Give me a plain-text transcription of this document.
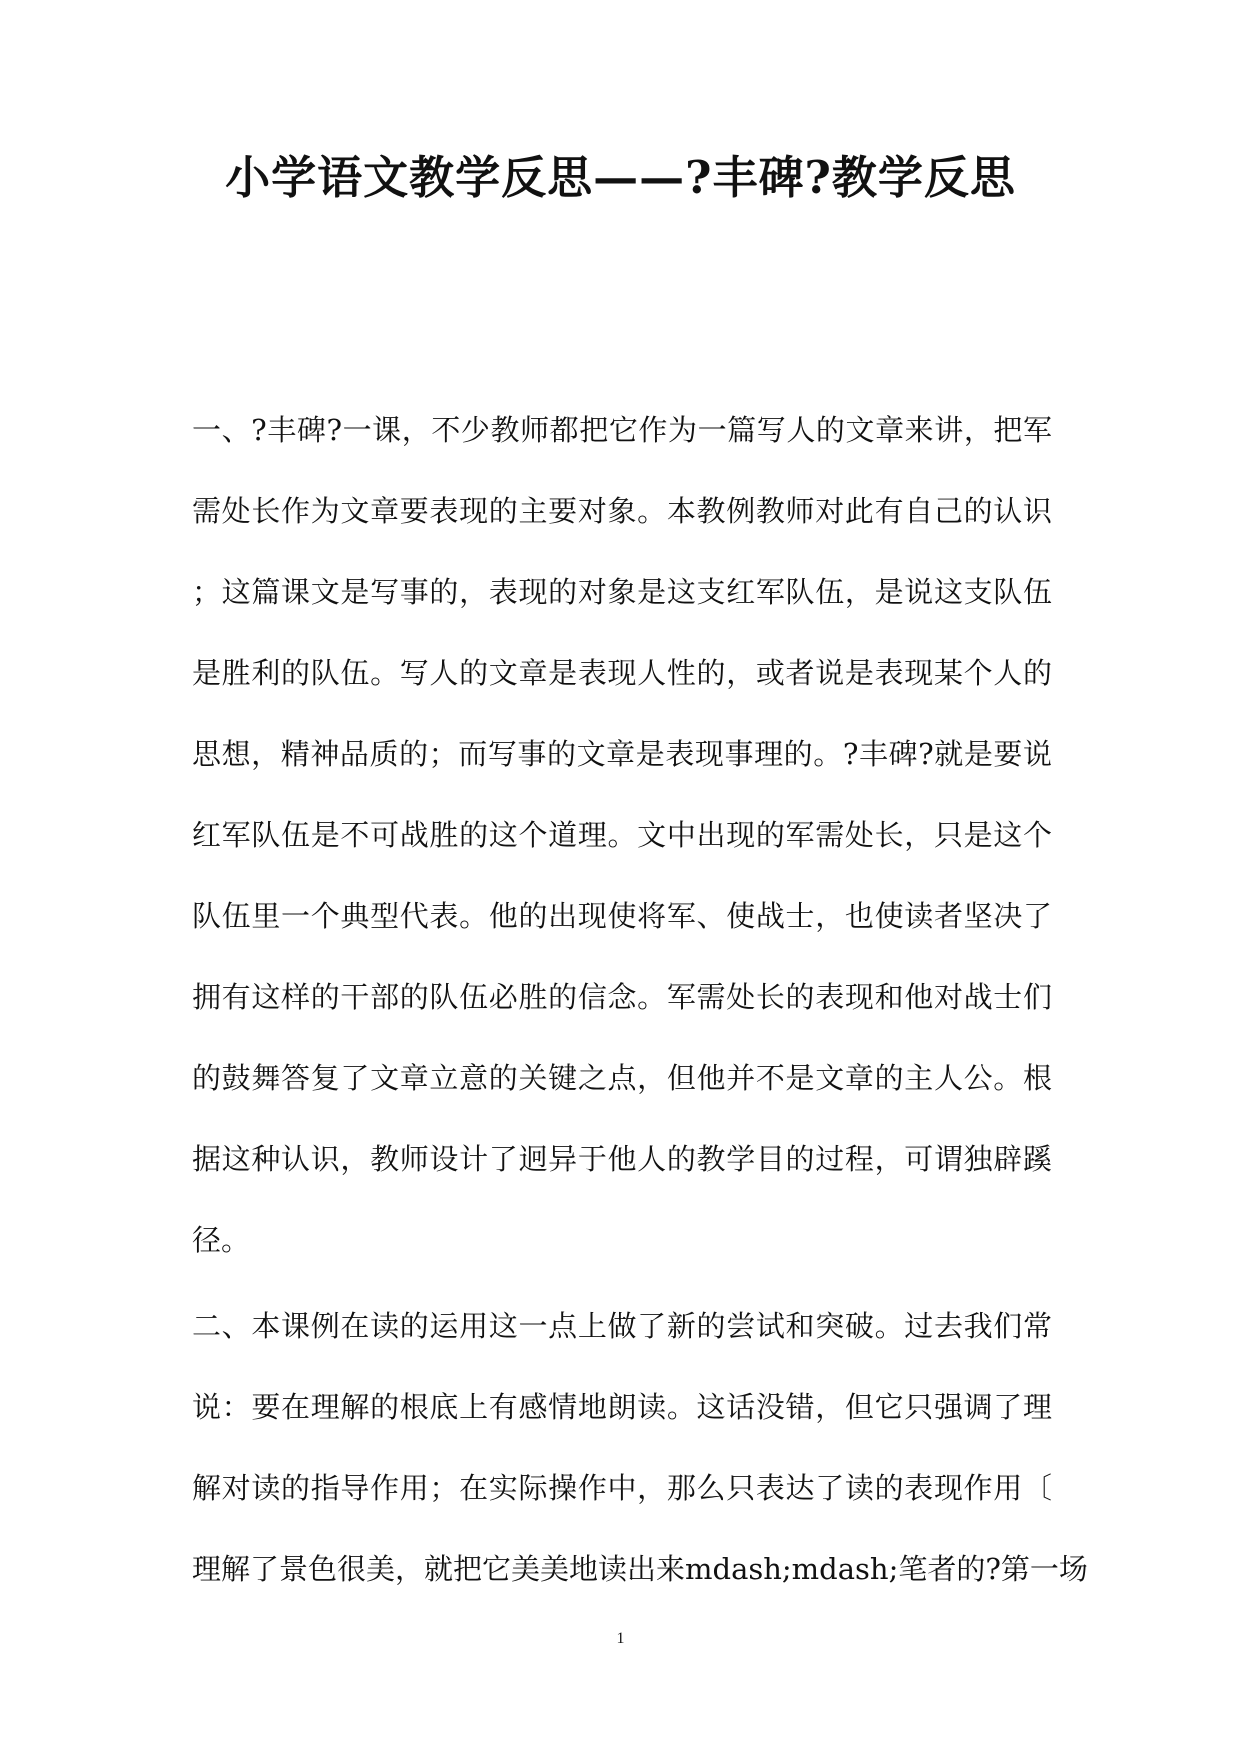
小学语文教学反思——?丰碑?教学反思
一、?丰碑?一课，不少教师都把它作为一篇写人的文章来讲，把军
需处长作为文章要表现的主要对象。本教例教师对此有自己的认识
；这篇课文是写事的，表现的对象是这支红军队伍，是说这支队伍
是胜利的队伍。写人的文章是表现人性的，或者说是表现某个人的
思想，精神品质的；而写事的文章是表现事理的。?丰碑?就是要说
红军队伍是不可战胜的这个道理。文中出现的军需处长，只是这个
队伍里一个典型代表。他的出现使将军、使战士，也使读者坚决了
拥有这样的干部的队伍必胜的信念。军需处长的表现和他对战士们
的鼓舞答复了文章立意的关键之点，但他并不是文章的主人公。根
据这种认识，教师设计了迥异于他人的教学目的过程，可谓独辟蹊
径。
二、本课例在读的运用这一点上做了新的尝试和突破。过去我们常
说：要在理解的根底上有感情地朗读。这话没错，但它只强调了理
解对读的指导作用；在实际操作中，那么只表达了读的表现作用〔
理解了景色很美，就把它美美地读出来mdash;mdash;笔者的?第一场
1
